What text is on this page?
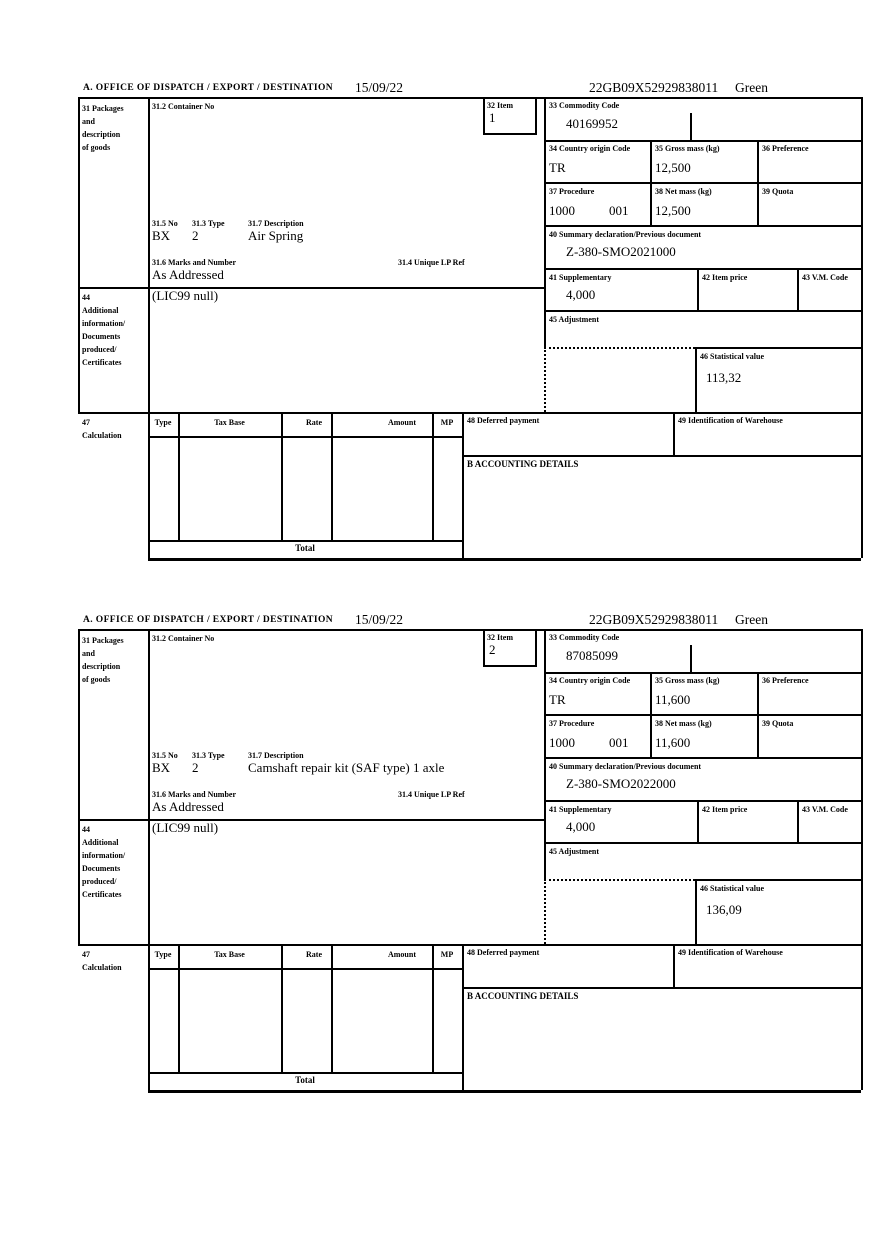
A. OFFICE OF DISPATCH / EXPORT / DESTINATION 15/09/22	22GB09X52929838011 Green
31 Packages
and
description
of goods
31.2 Container No	32 Item
1
33 Commodity Code
40169952
34 Country origin Code
TR
35 Gross mass (kg)
12,500
36 Preference
37 Procedure
1000	001
38 Net mass (kg)
12,500
39 Quota
40 Summary declaration/Previous document
Z-380-SMO2021000
41 Supplementary
4,000
42 Item price	43 V.M. Code
45 Adjustment
46 Statistical value
113,32
31.5 No 31.3 Type	31.7 Description
BX 2	Air Spring
31.6 Marks and Number	31.4 Unique LP Ref
As Addressed
44
Additional
information/
Documents
produced/
Certificates
(LIC99 null)
47
Calculation
Type	Tax Base	Rate	Amount	MP	48 Deferred payment	49 Identification of Warehouse
B ACCOUNTING DETAILS
Total
A. OFFICE OF DISPATCH / EXPORT / DESTINATION 15/09/22	22GB09X52929838011 Green
31 Packages
and
description
of goods
31.2 Container No	32 Item
2
33 Commodity Code
87085099
34 Country origin Code
TR
35 Gross mass (kg)
11,600
36 Preference
37 Procedure
1000	001
38 Net mass (kg)
11,600
39 Quota
40 Summary declaration/Previous document
Z-380-SMO2022000
41 Supplementary
4,000
42 Item price	43 V.M. Code
45 Adjustment
46 Statistical value
136,09
31.5 No 31.3 Type	31.7 Description
BX 2	Camshaft repair kit (SAF type) 1 axle
31.6 Marks and Number	31.4 Unique LP Ref
As Addressed
44
Additional
information/
Documents
produced/
Certificates
(LIC99 null)
47
Calculation
Type	Tax Base	Rate	Amount	MP	48 Deferred payment	49 Identification of Warehouse
B ACCOUNTING DETAILS
Total
